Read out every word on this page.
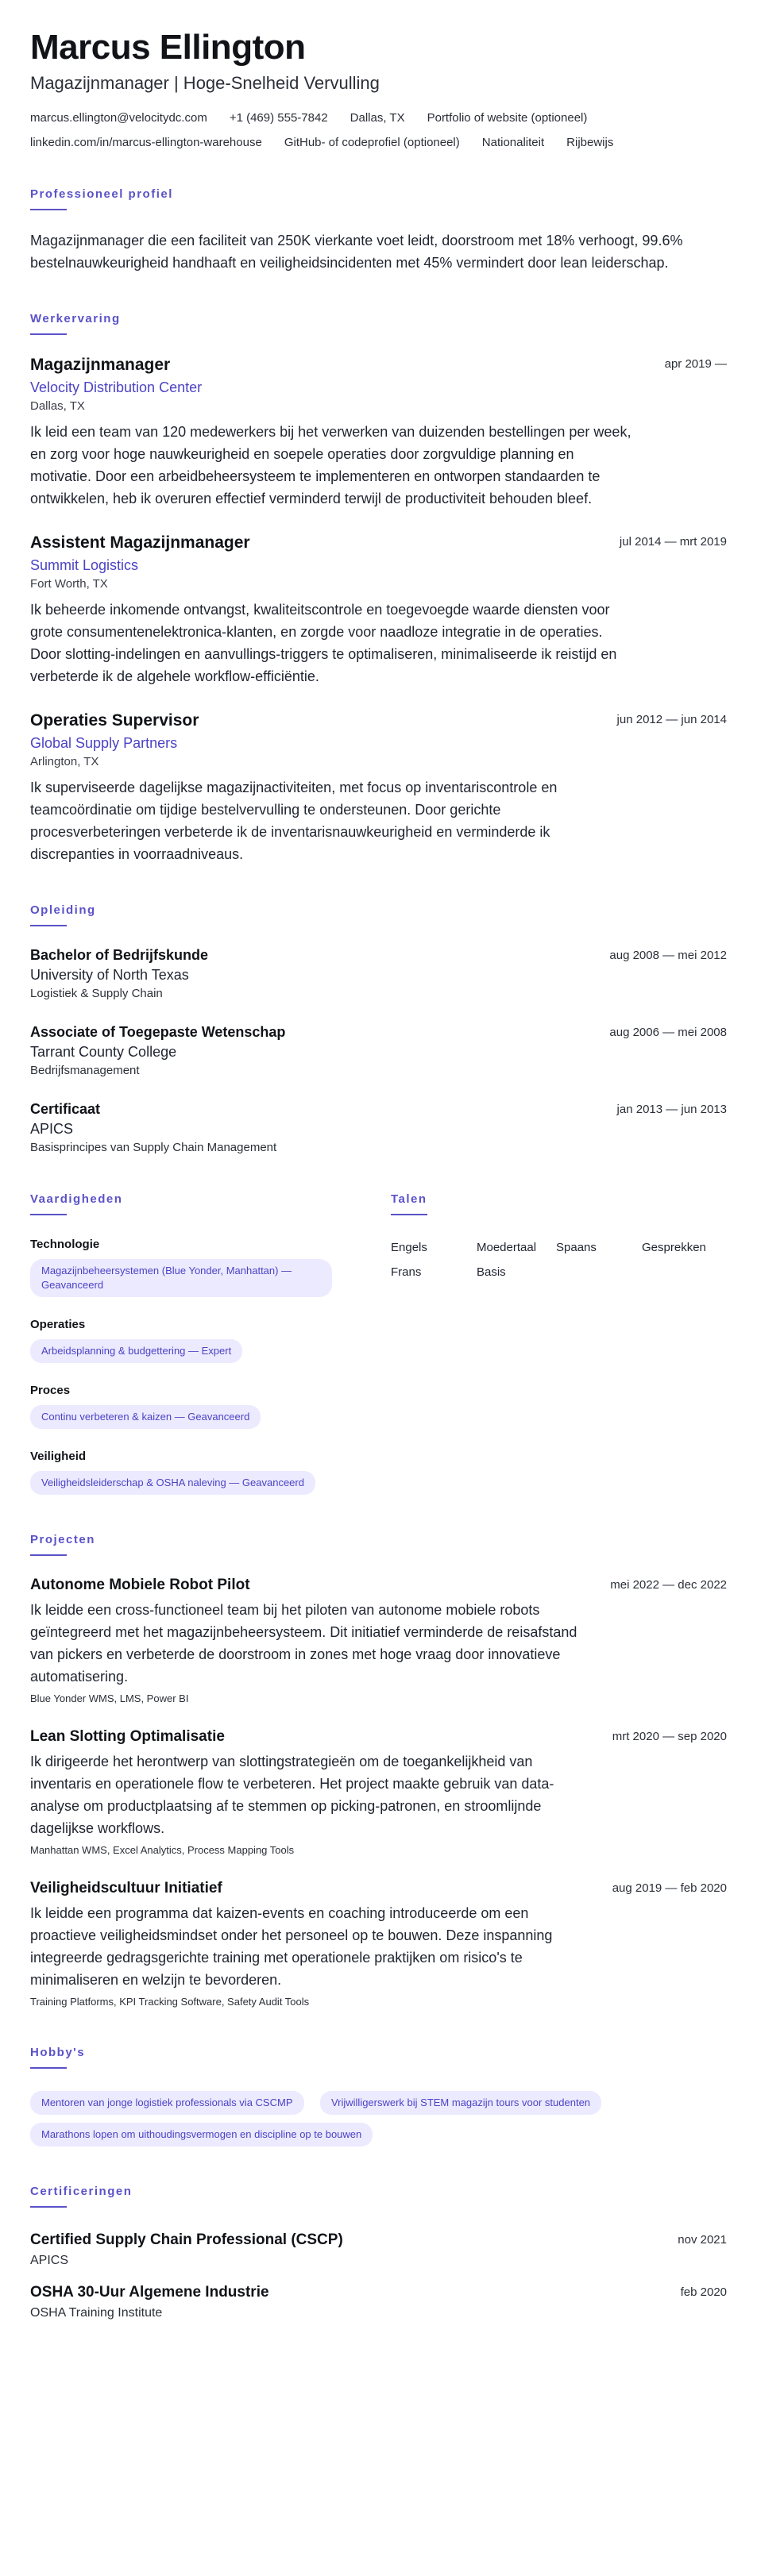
Marcus Ellington
Magazijnmanager | Hoge-Snelheid Vervulling
marcus.ellington@velocitydc.com +1 (469) 555-7842 Dallas, TX Portfolio of website (optioneel)
linkedin.com/in/marcus-ellington-warehouse GitHub- of codeprofiel (optioneel) Nationaliteit Rijbewijs
Professioneel profiel
Magazijnmanager die een faciliteit van 250K vierkante voet leidt, doorstroom met 18% verhoogt, 99.6% bestelnauwkeurigheid handhaaft en veiligheidsincidenten met 45% vermindert door lean leiderschap.
Werkervaring
Magazijnmanager	apr 2019 —
Velocity Distribution Center
Dallas, TX
Ik leid een team van 120 medewerkers bij het verwerken van duizenden bestellingen per week, en zorg voor hoge nauwkeurigheid en soepele operaties door zorgvuldige planning en motivatie. Door een arbeidbeheersysteem te implementeren en ontworpen standaarden te ontwikkelen, heb ik overuren effectief verminderd terwijl de productiviteit behouden bleef.
Assistent Magazijnmanager	jul 2014 — mrt 2019
Summit Logistics
Fort Worth, TX
Ik beheerde inkomende ontvangst, kwaliteitscontrole en toegevoegde waarde diensten voor grote consumentenelektronica-klanten, en zorgde voor naadloze integratie in de operaties. Door slotting-indelingen en aanvullings-triggers te optimaliseren, minimaliseerde ik reistijd en verbeterde ik de algehele workflow-efficiëntie.
Operaties Supervisor	jun 2012 — jun 2014
Global Supply Partners
Arlington, TX
Ik superviseerde dagelijkse magazijnactiviteiten, met focus op inventariscontrole en teamcoördinatie om tijdige bestelvervulling te ondersteunen. Door gerichte procesverbeteringen verbeterde ik de inventarisnauwkeurigheid en verminderde ik discrepanties in voorraadniveaus.
Opleiding
Bachelor of Bedrijfskunde	aug 2008 — mei 2012
University of North Texas
Logistiek & Supply Chain
Associate of Toegepaste Wetenschap	aug 2006 — mei 2008
Tarrant County College
Bedrijfsmanagement
Certificaat	jan 2013 — jun 2013
APICS
Basisprincipes van Supply Chain Management
Vaardigheden
Technologie
Magazijnbeheersystemen (Blue Yonder, Manhattan) — Geavanceerd
Operaties
Arbeidsplanning & budgettering — Expert
Proces
Continu verbeteren & kaizen — Geavanceerd
Veiligheid
Veiligheidsleiderschap & OSHA naleving — Geavanceerd
Talen
Engels	Moedertaal	Spaans	Gesprekken
Frans	Basis
Projecten
Autonome Mobiele Robot Pilot	mei 2022 — dec 2022
Ik leidde een cross-functioneel team bij het piloten van autonome mobiele robots geïntegreerd met het magazijnbeheersysteem. Dit initiatief verminderde de reisafstand van pickers en verbeterde de doorstroom in zones met hoge vraag door innovatieve automatisering.
Blue Yonder WMS, LMS, Power BI
Lean Slotting Optimalisatie	mrt 2020 — sep 2020
Ik dirigeerde het herontwerp van slottingstrategieën om de toegankelijkheid van inventaris en operationele flow te verbeteren. Het project maakte gebruik van data-analyse om productplaatsing af te stemmen op picking-patronen, en stroomlijnde dagelijkse workflows.
Manhattan WMS, Excel Analytics, Process Mapping Tools
Veiligheidscultuur Initiatief	aug 2019 — feb 2020
Ik leidde een programma dat kaizen-events en coaching introduceerde om een proactieve veiligheidsmindset onder het personeel op te bouwen. Deze inspanning integreerde gedragsgerichte training met operationele praktijken om risico's te minimaliseren en welzijn te bevorderen.
Training Platforms, KPI Tracking Software, Safety Audit Tools
Hobby's
Mentoren van jonge logistiek professionals via CSCMP	Vrijwilligerswerk bij STEM magazijn tours voor studenten Marathons lopen om uithoudingsvermogen en discipline op te bouwen
Certificeringen
Certified Supply Chain Professional (CSCP)	nov 2021
APICS
OSHA 30-Uur Algemene Industrie	feb 2020
OSHA Training Institute
